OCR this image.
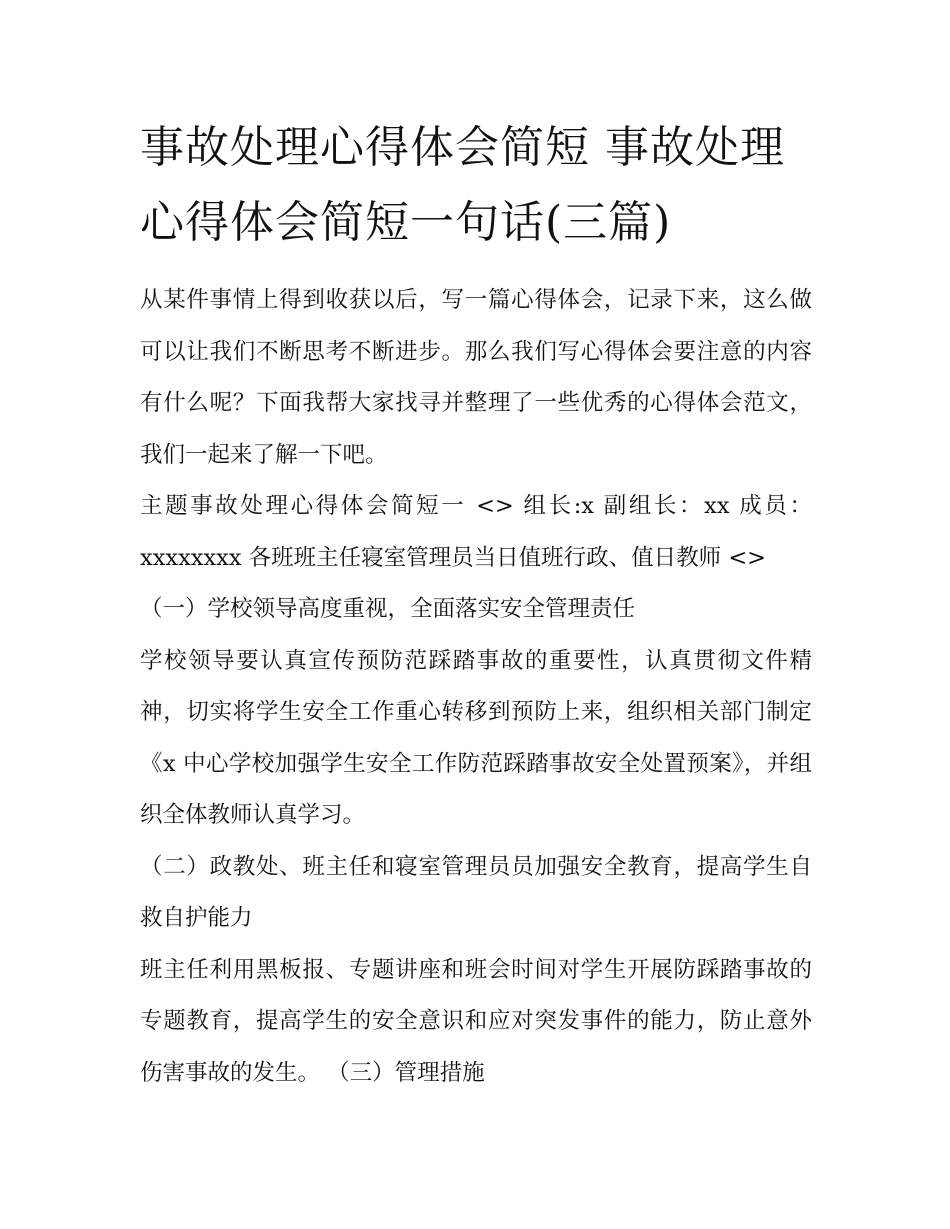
事故处理心得体会简短 事故处理心得体会简短一句话(三篇)

从某件事情上得到收获以后，写一篇心得体会，记录下来，这么做可以让我们不断思考不断进步。那么我们写心得体会要注意的内容有什么呢？下面我帮大家找寻并整理了一些优秀的心得体会范文，我们一起来了解一下吧。

主题事故处理心得体会简短一 <> 组长:x 副组长：xx 成员：xxxxxxxx 各班班主任寝室管理员当日值班行政、值日教师 <>

（一）学校领导高度重视，全面落实安全管理责任

学校领导要认真宣传预防范踩踏事故的重要性，认真贯彻文件精神，切实将学生安全工作重心转移到预防上来，组织相关部门制定《x 中心学校加强学生安全工作防范踩踏事故安全处置预案》，并组织全体教师认真学习。

（二）政教处、班主任和寝室管理员员加强安全教育，提高学生自救自护能力

班主任利用黑板报、专题讲座和班会时间对学生开展防踩踏事故的专题教育，提高学生的安全意识和应对突发事件的能力，防止意外伤害事故的发生。 （三）管理措施
